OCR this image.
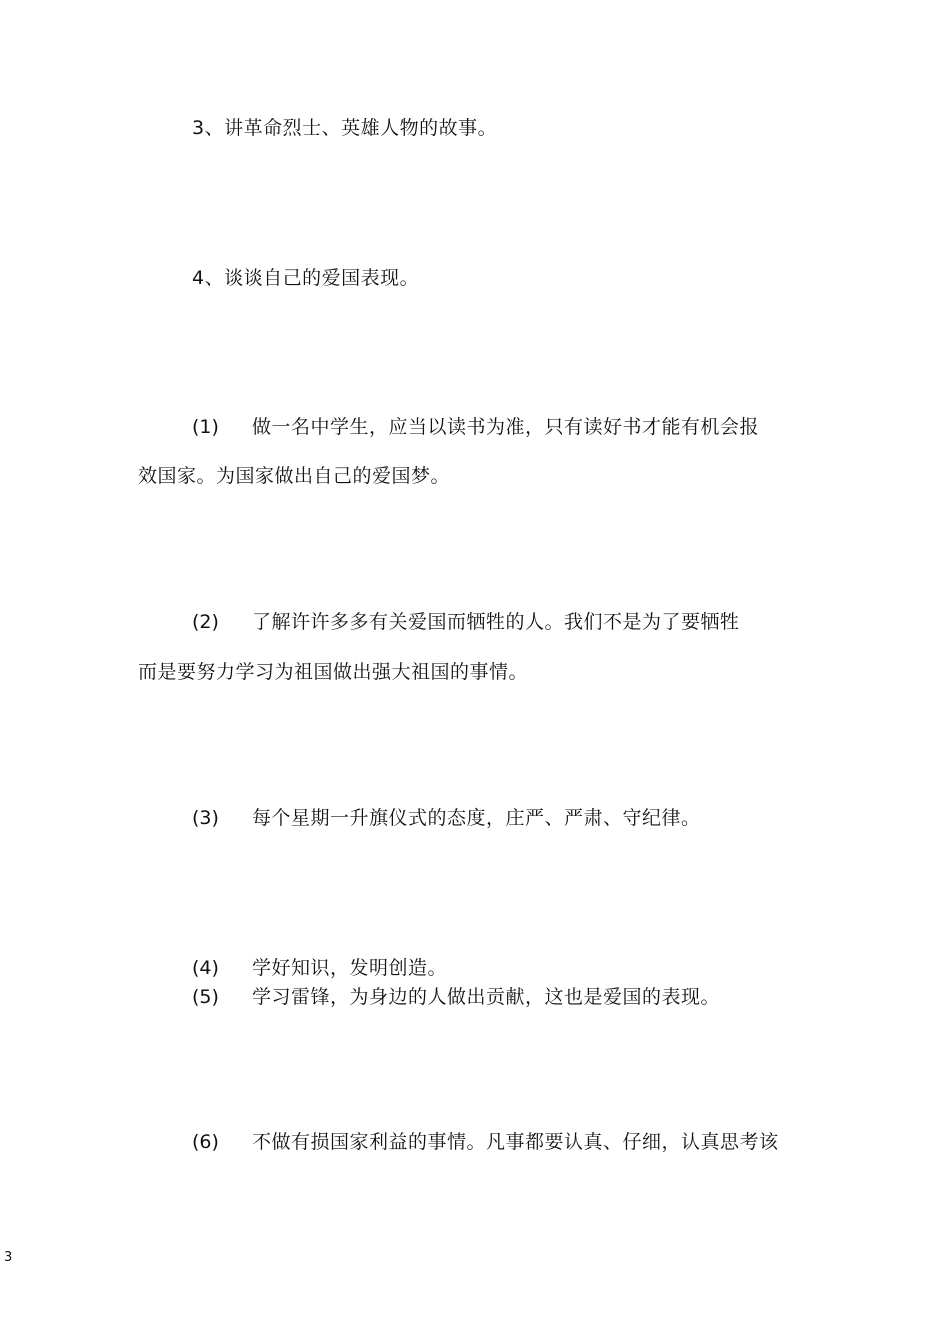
3、讲革命烈士、英雄人物的故事。
4、谈谈自己的爱国表现。
(1) 做一名中学生，应当以读书为准，只有读好书才能有机会报
效国家。为国家做出自己的爱国梦。
(2) 了解许许多多有关爱国而牺牲的人。我们不是为了要牺牲
而是要努力学习为祖国做出强大祖国的事情。
(3) 每个星期一升旗仪式的态度，庄严、严肃、守纪律。
(4) 学好知识，发明创造。
(5) 学习雷锋，为身边的人做出贡献，这也是爱国的表现。
(6) 不做有损国家利益的事情。凡事都要认真、仔细，认真思考该
3
